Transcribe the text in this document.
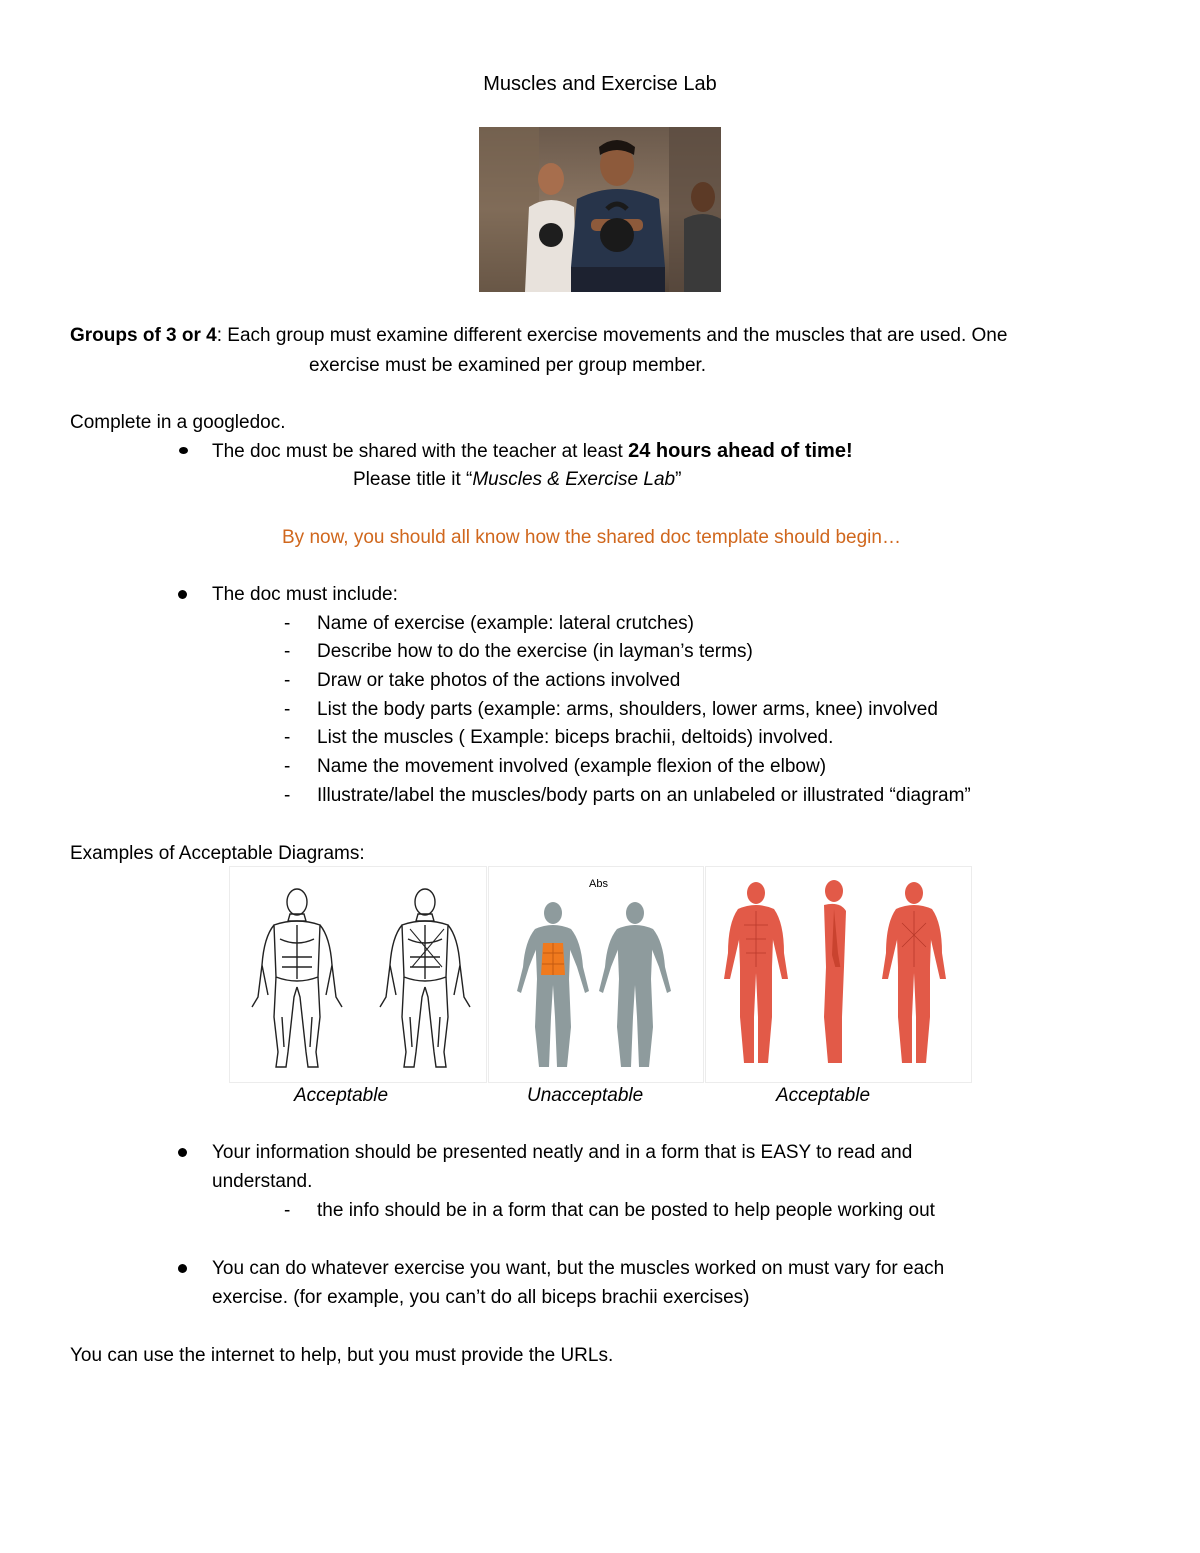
Muscles and Exercise Lab
Groups of 3 or 4: Each group must examine different exercise movements and the muscles that are used. One
exercise must be examined per group member.
Complete in a googledoc.
The doc must be shared with the teacher at least 24 hours ahead of time!
Please title it “Muscles & Exercise Lab”
By now, you should all know how the shared doc template should begin…
The doc must include:
- Name of exercise (example: lateral crutches)
- Describe how to do the exercise (in layman’s terms)
- Draw or take photos of the actions involved
- List the body parts (example: arms, shoulders, lower arms, knee) involved
- List the muscles ( Example: biceps brachii, deltoids) involved.
- Name the movement involved (example flexion of the elbow)
- Illustrate/label the muscles/body parts on an unlabeled or illustrated “diagram”
Examples of Acceptable Diagrams:
Abs
Acceptable	Unacceptable	Acceptable
Your information should be presented neatly and in a form that is EASY to read and
understand.
- the info should be in a form that can be posted to help people working out
You can do whatever exercise you want, but the muscles worked on must vary for each
exercise. (for example, you can’t do all biceps brachii exercises)
You can use the internet to help, but you must provide the URLs.
